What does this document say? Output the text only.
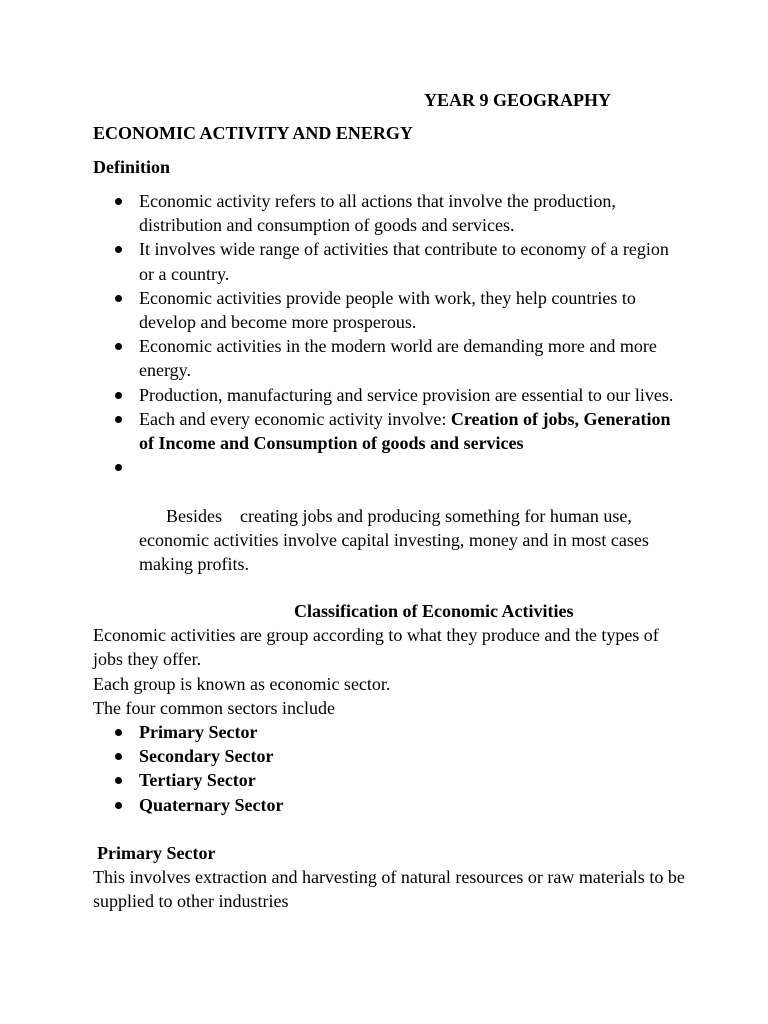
YEAR 9 GEOGRAPHY
ECONOMIC ACTIVITY AND ENERGY
Definition
Economic activity refers to all actions that involve the production, distribution and consumption of goods and services.
It involves wide range of activities that contribute to economy of a region or a country.
Economic activities provide people with work, they help countries to develop and become more prosperous.
Economic activities in the modern world are demanding more and more energy.
Production, manufacturing and service provision are essential to our lives.
Each and every economic activity involve: Creation of jobs, Generation of Income and Consumption of goods and services

Besides    creating jobs and producing something for human use, economic activities involve capital investing, money and in most cases making profits.

Classification of Economic Activities
Economic activities are group according to what they produce and the types of jobs they offer.
Each group is known as economic sector.
The four common sectors include
Primary Sector
Secondary Sector
Tertiary Sector
Quaternary Sector
Primary Sector
This involves extraction and harvesting of natural resources or raw materials to be supplied to other industries
